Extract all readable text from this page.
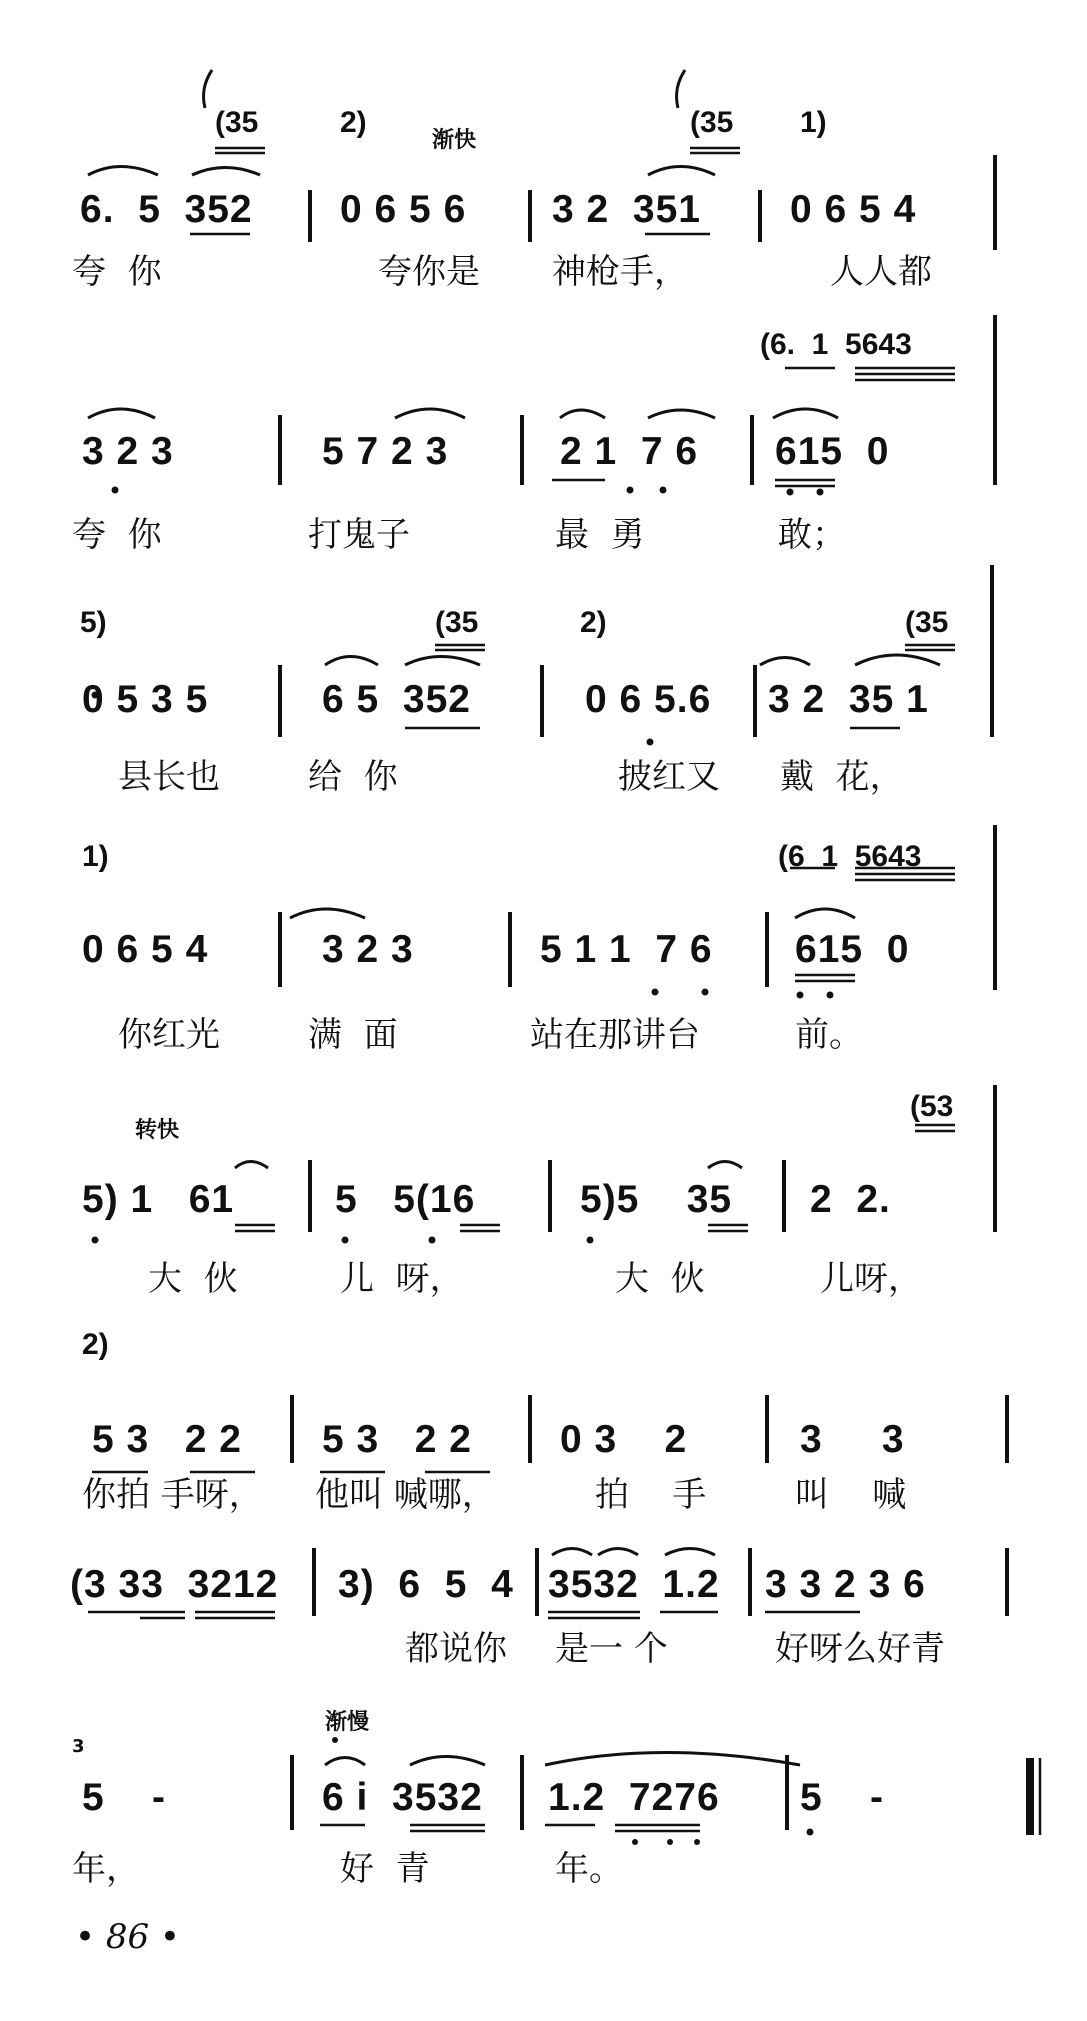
(35	2)
渐快
(35 1)
6.  5  352 0 6 5 6 3 2  351 0 6 5 4
夸  你	夸你是 神枪手，	人人都
(6.  1  5643
3 2 3	5 7 2 3	2 1  7 6 615  0
夸  你	打鬼子	最  勇	敢；
5)	(35	2)	(35
0 5 3 5	6 5  352	0 6 5.6 3 2  35 1
县长也	给  你	披红又 戴  花，
1)	(6  1  5643
0 6 5 4	3 2 3	5 1 1  7 6 615  0
你红光	满  面	站在那讲台	前。
转快
(53
5) 1   61	5   5(16	5)5    35 2  2.
大  伙	儿  呀，	大  伙	儿呀，
2)
5 3   2 2 5 3   2 2 0 3    2	3     3
你拍 手呀， 他叫 喊哪，	拍    手	叫    喊
(3 33  3212 3)  6  5  4 3532  1.2 3 3 2 3 6
都说你 是一 个	好呀么好青
渐慢
3
5    -	6 i  3532 1.2  7276 5    -
年，	好  青	年。
• 86 •
